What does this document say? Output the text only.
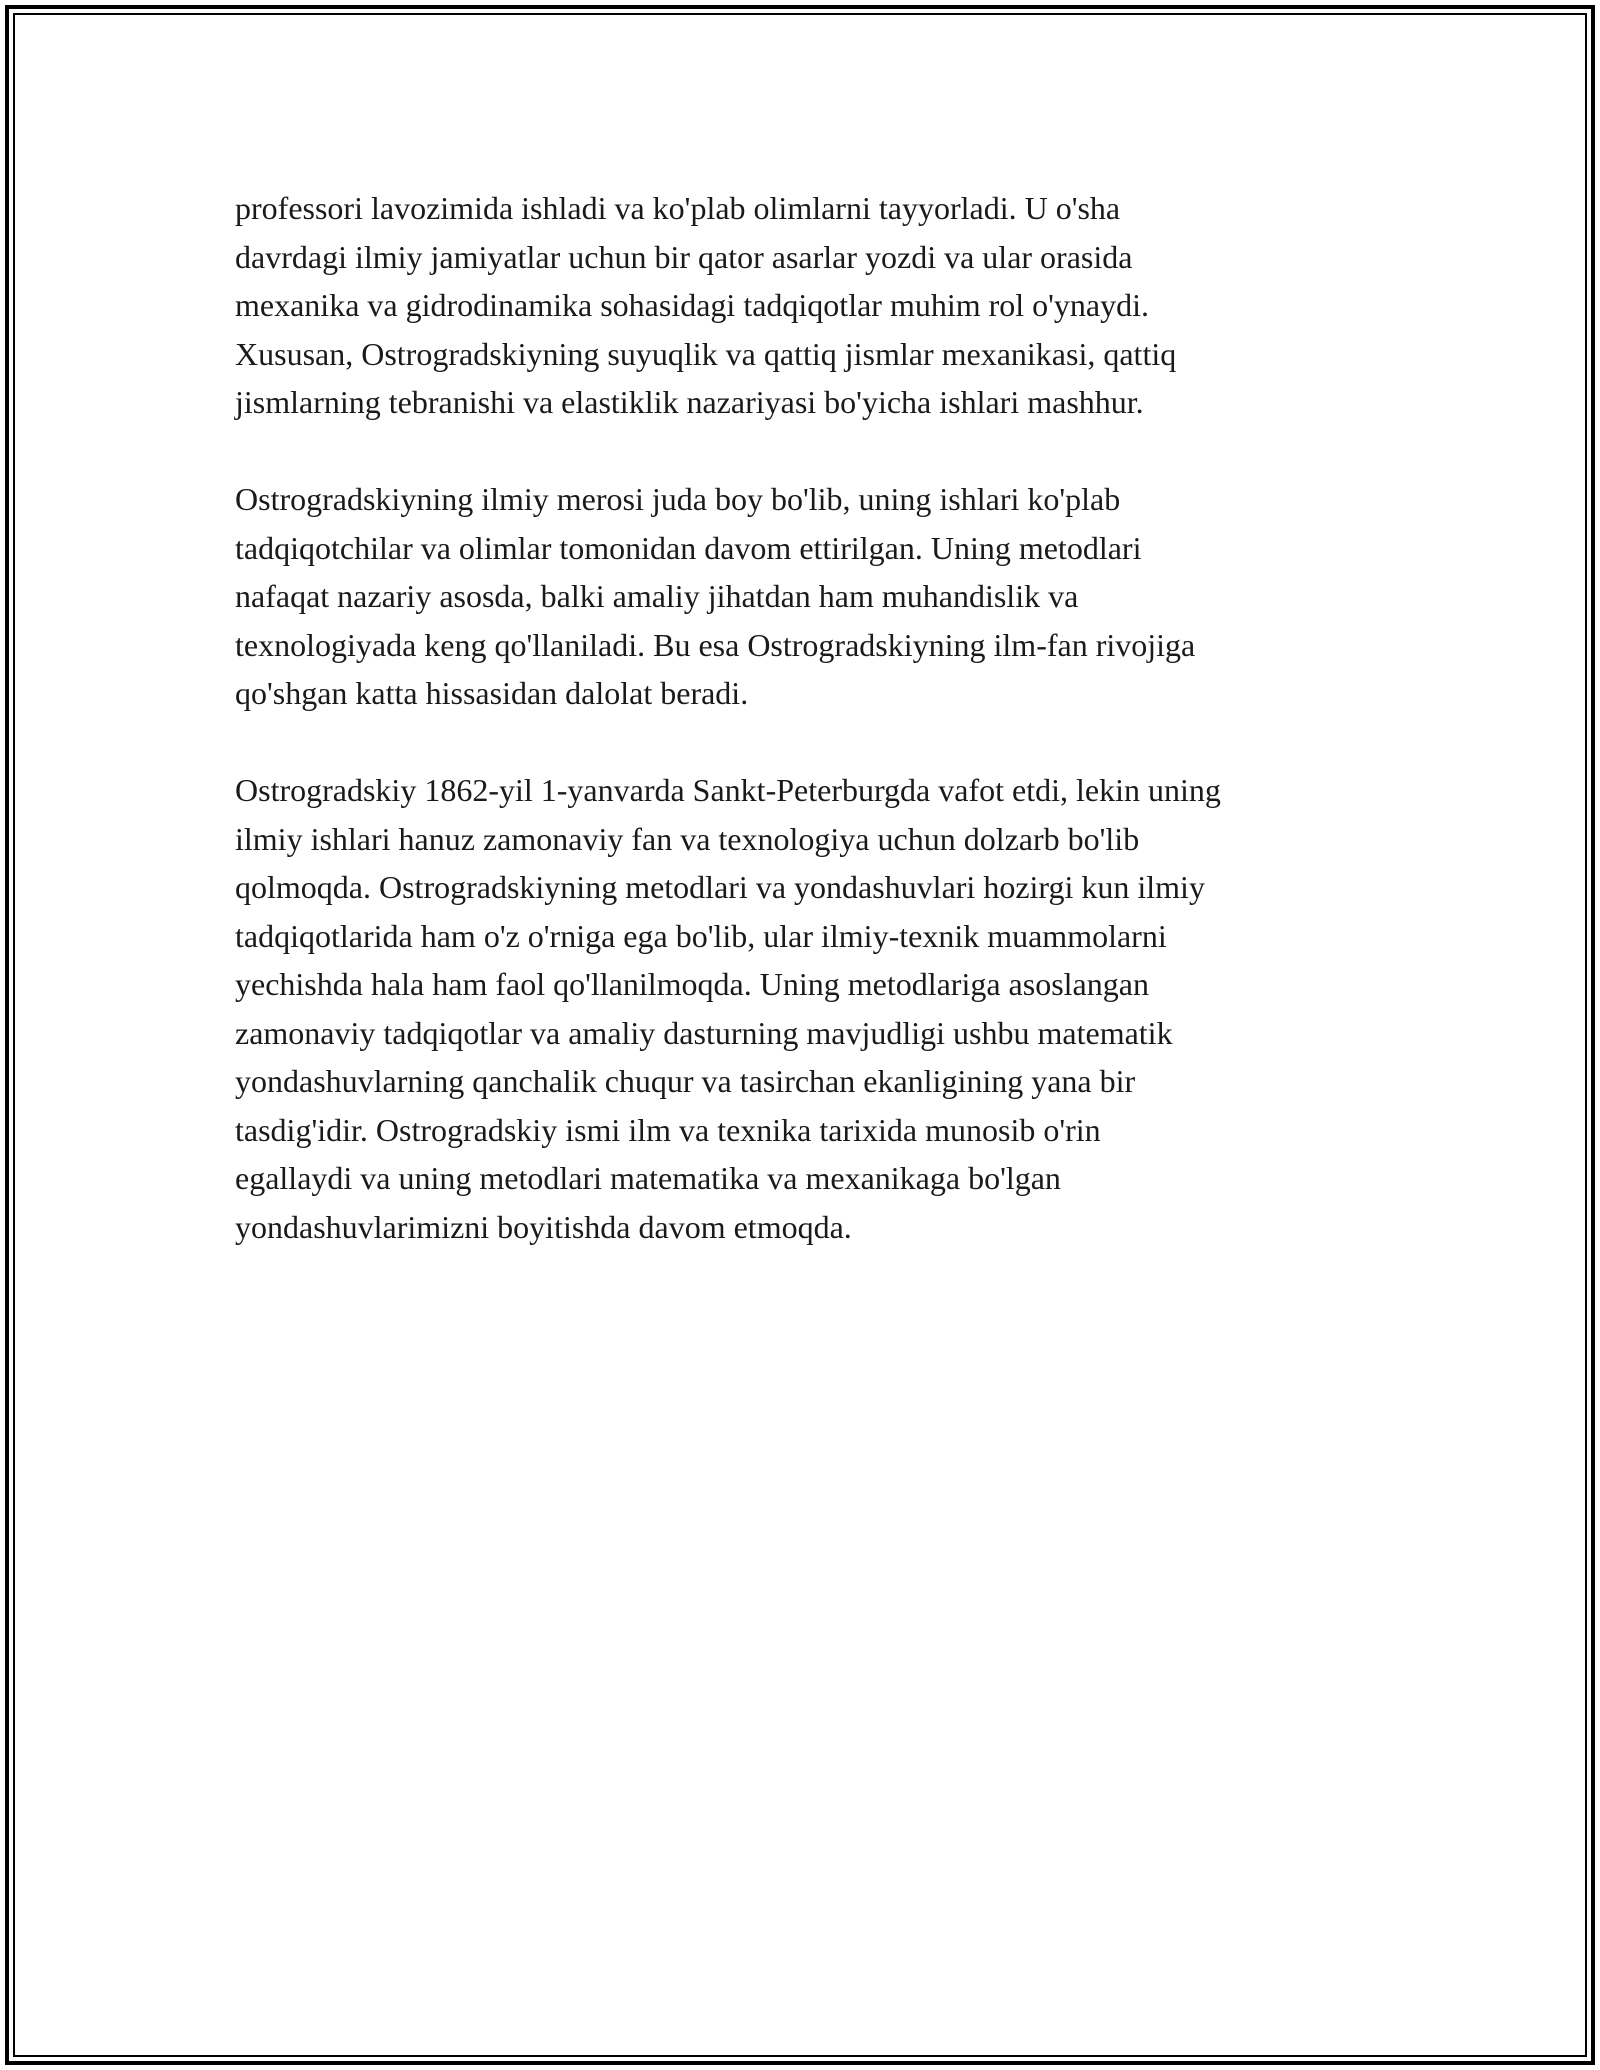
professori lavozimida ishladi va ko'plab olimlarni tayyorladi. U o'sha
davrdagi ilmiy jamiyatlar uchun bir qator asarlar yozdi va ular orasida
mexanika va gidrodinamika sohasidagi tadqiqotlar muhim rol o'ynaydi.
Xususan, Ostrogradskiyning suyuqlik va qattiq jismlar mexanikasi, qattiq
jismlarning tebranishi va elastiklik nazariyasi bo'yicha ishlari mashhur.

Ostrogradskiyning ilmiy merosi juda boy bo'lib, uning ishlari ko'plab
tadqiqotchilar va olimlar tomonidan davom ettirilgan. Uning metodlari
nafaqat nazariy asosda, balki amaliy jihatdan ham muhandislik va
texnologiyada keng qo'llaniladi. Bu esa Ostrogradskiyning ilm-fan rivojiga
qo'shgan katta hissasidan dalolat beradi.

Ostrogradskiy 1862-yil 1-yanvarda Sankt-Peterburgda vafot etdi, lekin uning
ilmiy ishlari hanuz zamonaviy fan va texnologiya uchun dolzarb bo'lib
qolmoqda. Ostrogradskiyning metodlari va yondashuvlari hozirgi kun ilmiy
tadqiqotlarida ham o'z o'rniga ega bo'lib, ular ilmiy-texnik muammolarni
yechishda hala ham faol qo'llanilmoqda. Uning metodlariga asoslangan
zamonaviy tadqiqotlar va amaliy dasturning mavjudligi ushbu matematik
yondashuvlarning qanchalik chuqur va tasirchan ekanligining yana bir
tasdig'idir. Ostrogradskiy ismi ilm va texnika tarixida munosib o'rin
egallaydi va uning metodlari matematika va mexanikaga bo'lgan
yondashuvlarimizni boyitishda davom etmoqda.
